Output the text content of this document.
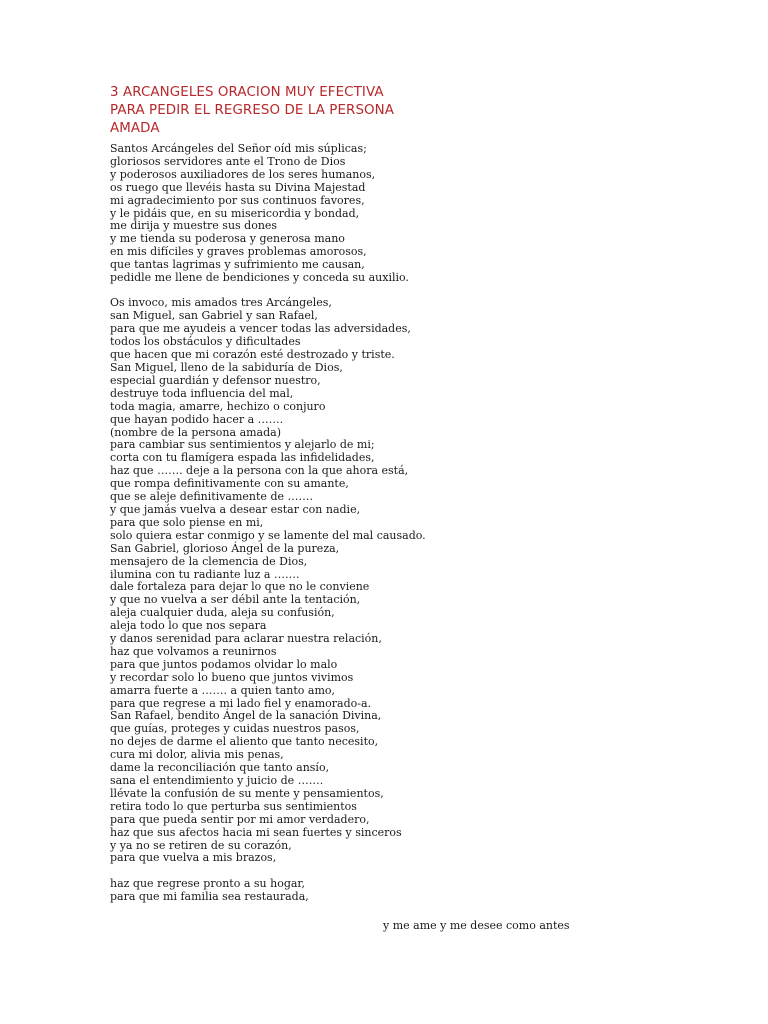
3 ARCANGELES ORACION MUY EFECTIVA
PARA PEDIR EL REGRESO DE LA PERSONA
AMADA
Santos Arcángeles del Señor oíd mis súplicas;
gloriosos servidores ante el Trono de Dios
y poderosos auxiliadores de los seres humanos,
os ruego que llevéis hasta su Divina Majestad
mi agradecimiento por sus continuos favores,
y le pidáis que, en su misericordia y bondad,
me dirija y muestre sus dones
y me tienda su poderosa y generosa mano
en mis difíciles y graves problemas amorosos,
que tantas lagrimas y sufrimiento me causan,
pedidle me llene de bendiciones y conceda su auxilio.
Os invoco, mis amados tres Arcángeles,
san Miguel, san Gabriel y san Rafael,
para que me ayudeis a vencer todas las adversidades,
todos los obstáculos y dificultades
que hacen que mi corazón esté destrozado y triste.
San Miguel, lleno de la sabiduría de Dios,
especial guardián y defensor nuestro,
destruye toda influencia del mal,
toda magia, amarre, hechizo o conjuro
que hayan podido hacer a …….
(nombre de la persona amada)
para cambiar sus sentimientos y alejarlo de mi;
corta con tu flamígera espada las infidelidades,
haz que ……. deje a la persona con la que ahora está,
que rompa definitivamente con su amante,
que se aleje definitivamente de …….
y que jamás vuelva a desear estar con nadie,
para que solo piense en mi,
solo quiera estar conmigo y se lamente del mal causado.
San Gabriel, glorioso Ángel de la pureza,
mensajero de la clemencia de Dios,
ilumina con tu radiante luz a …….
dale fortaleza para dejar lo que no le conviene
y que no vuelva a ser débil ante la tentación,
aleja cualquier duda, aleja su confusión,
aleja todo lo que nos separa
y danos serenidad para aclarar nuestra relación,
haz que volvamos a reunirnos
para que juntos podamos olvidar lo malo
y recordar solo lo bueno que juntos vivimos
amarra fuerte a ……. a quien tanto amo,
para que regrese a mi lado fiel y enamorado-a.
San Rafael, bendito Ángel de la sanación Divina,
que guías, proteges y cuidas nuestros pasos,
no dejes de darme el aliento que tanto necesito,
cura mi dolor, alivia mis penas,
dame la reconciliación que tanto ansío,
sana el entendimiento y juicio de …….
llévate la confusión de su mente y pensamientos,
retira todo lo que perturba sus sentimientos
para que pueda sentir por mi amor verdadero,
haz que sus afectos hacia mi sean fuertes y sinceros
y ya no se retiren de su corazón,
para que vuelva a mis brazos,
haz que regrese pronto a su hogar,
para que mi familia sea restaurada,
y me ame y me desee como antes
